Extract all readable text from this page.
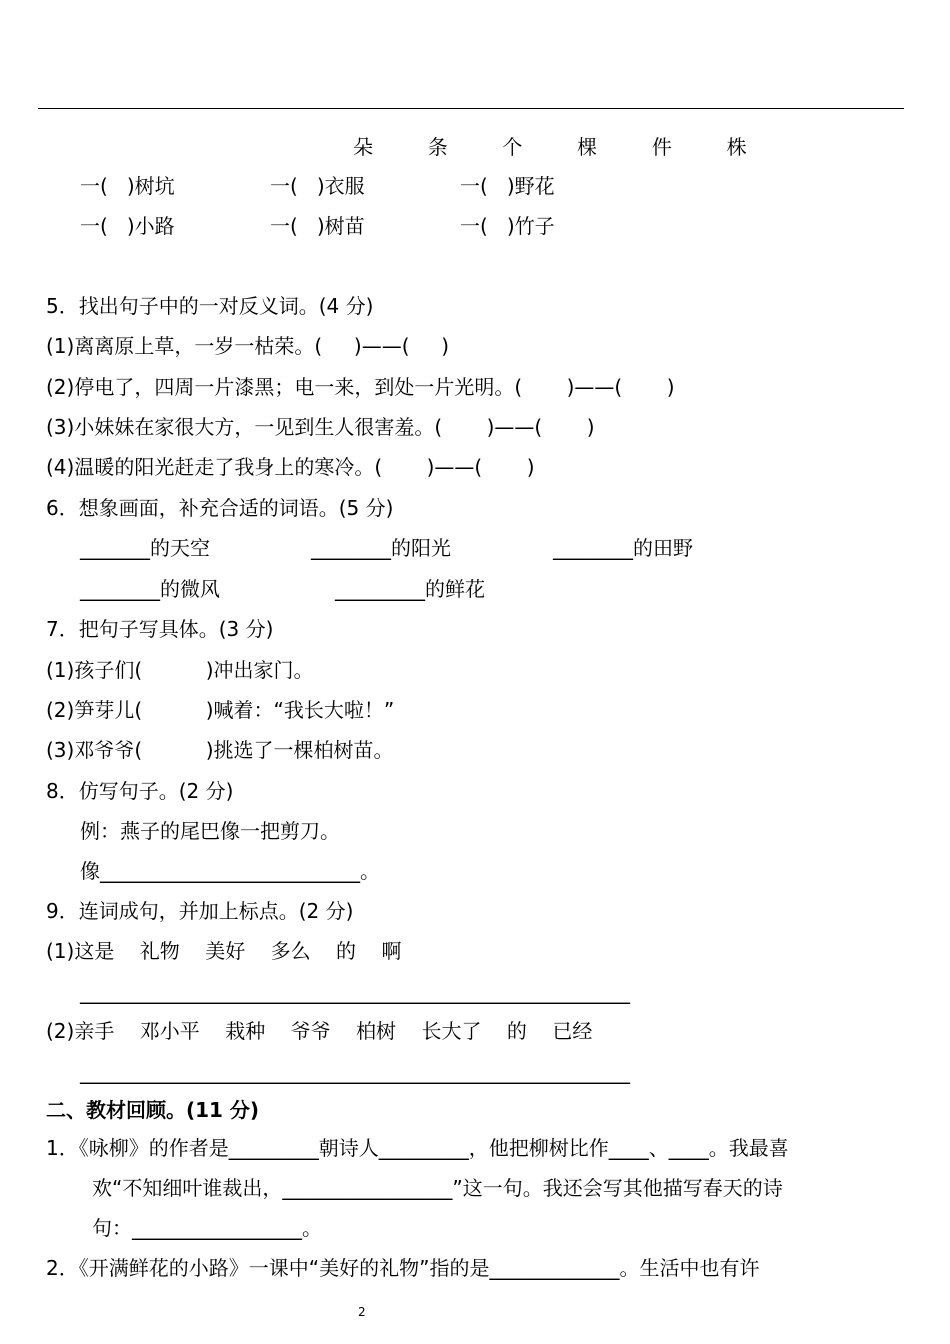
朵  条  个  棵  件  株
一(   )树坑	一(   )衣服	一(   )野花
一(   )小路	一(   )树苗	一(   )竹子
5．找出句子中的一对反义词。(4 分)
(1)离离原上草，一岁一枯荣。(     )——(     )
(2)停电了，四周一片漆黑；电一来，到处一片光明。(       )——(       )
(3)小妹妹在家很大方，一见到生人很害羞。(       )——(       )
(4)温暖的阳光赶走了我身上的寒冷。(       )——(       )
6．想象画面，补充合适的词语。(5 分)
_______的天空	________的阳光	________的田野
________的微风	_________的鲜花
7．把句子写具体。(3 分)
(1)孩子们(          )冲出家门。
(2)笋芽儿(          )喊着：“我长大啦！”
(3)邓爷爷(          )挑选了一棵柏树苗。
8．仿写句子。(2 分)
例：燕子的尾巴像一把剪刀。
像__________________________。
9．连词成句，并加上标点。(2 分)
(1)这是    礼物    美好    多么    的    啊
_______________________________________________________
(2)亲手    邓小平    栽种    爷爷    柏树    长大了    的    已经
_______________________________________________________
二、教材回顾。(11 分)
1．《咏柳》的作者是_________朝诗人_________，他把柳树比作____、____。我最喜
欢“不知细叶谁裁出，_________________”这一句。我还会写其他描写春天的诗
句：_________________。
2．《开满鲜花的小路》一课中“美好的礼物”指的是_____________。生活中也有许
2
